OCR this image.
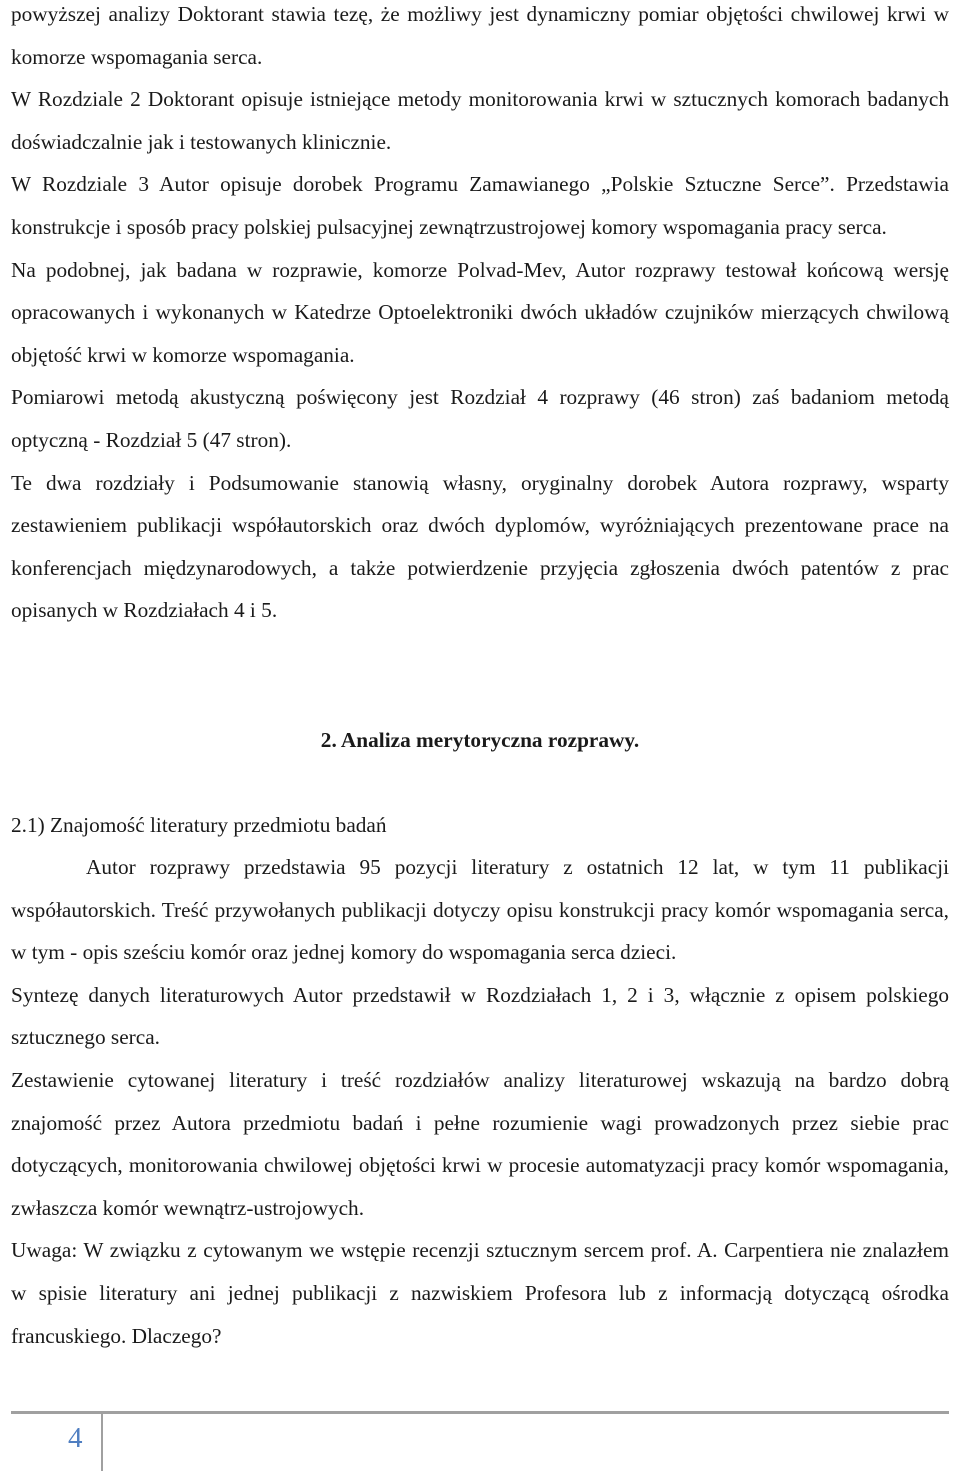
powyższej analizy Doktorant stawia tezę, że możliwy jest dynamiczny pomiar objętości chwilowej krwi w komorze wspomagania serca.

W Rozdziale 2 Doktorant opisuje istniejące metody monitorowania krwi w sztucznych komorach badanych doświadczalnie jak i testowanych klinicznie.

W Rozdziale 3 Autor opisuje dorobek Programu Zamawianego „Polskie Sztuczne Serce”. Przedstawia konstrukcje i sposób pracy polskiej pulsacyjnej zewnątrzustrojowej komory wspomagania pracy serca.

Na podobnej, jak badana w rozprawie, komorze Polvad-Mev, Autor rozprawy testował końcową wersję opracowanych i wykonanych w Katedrze Optoelektroniki dwóch układów czujników mierzących chwilową objętość krwi w komorze wspomagania.

Pomiarowi metodą akustyczną poświęcony jest Rozdział 4 rozprawy (46 stron) zaś badaniom metodą optyczną - Rozdział 5 (47 stron).

Te dwa rozdziały i Podsumowanie stanowią własny, oryginalny dorobek Autora rozprawy, wsparty zestawieniem publikacji współautorskich oraz dwóch dyplomów, wyróżniających prezentowane prace na konferencjach międzynarodowych, a także potwierdzenie przyjęcia zgłoszenia dwóch patentów z prac opisanych w Rozdziałach 4 i 5.

2. Analiza merytoryczna rozprawy.
2.1) Znajomość literatury przedmiotu badań

Autor rozprawy przedstawia 95 pozycji literatury z ostatnich 12 lat, w tym 11 publikacji współautorskich. Treść przywołanych publikacji dotyczy opisu konstrukcji pracy komór wspomagania serca, w tym - opis sześciu komór oraz jednej komory do wspomagania serca dzieci.

Syntezę danych literaturowych Autor przedstawił w Rozdziałach 1, 2 i 3, włącznie z opisem polskiego sztucznego serca.

Zestawienie cytowanej literatury i treść rozdziałów analizy literaturowej wskazują na bardzo dobrą znajomość przez Autora przedmiotu badań i pełne rozumienie wagi prowadzonych przez siebie prac dotyczących, monitorowania chwilowej objętości krwi w procesie automatyzacji pracy komór wspomagania, zwłaszcza komór wewnątrz-ustrojowych.

Uwaga: W związku z cytowanym we wstępie recenzji sztucznym sercem prof. A. Carpentiera nie znalazłem w spisie literatury ani jednej publikacji z nazwiskiem Profesora lub z informacją dotyczącą ośrodka francuskiego. Dlaczego?

4
